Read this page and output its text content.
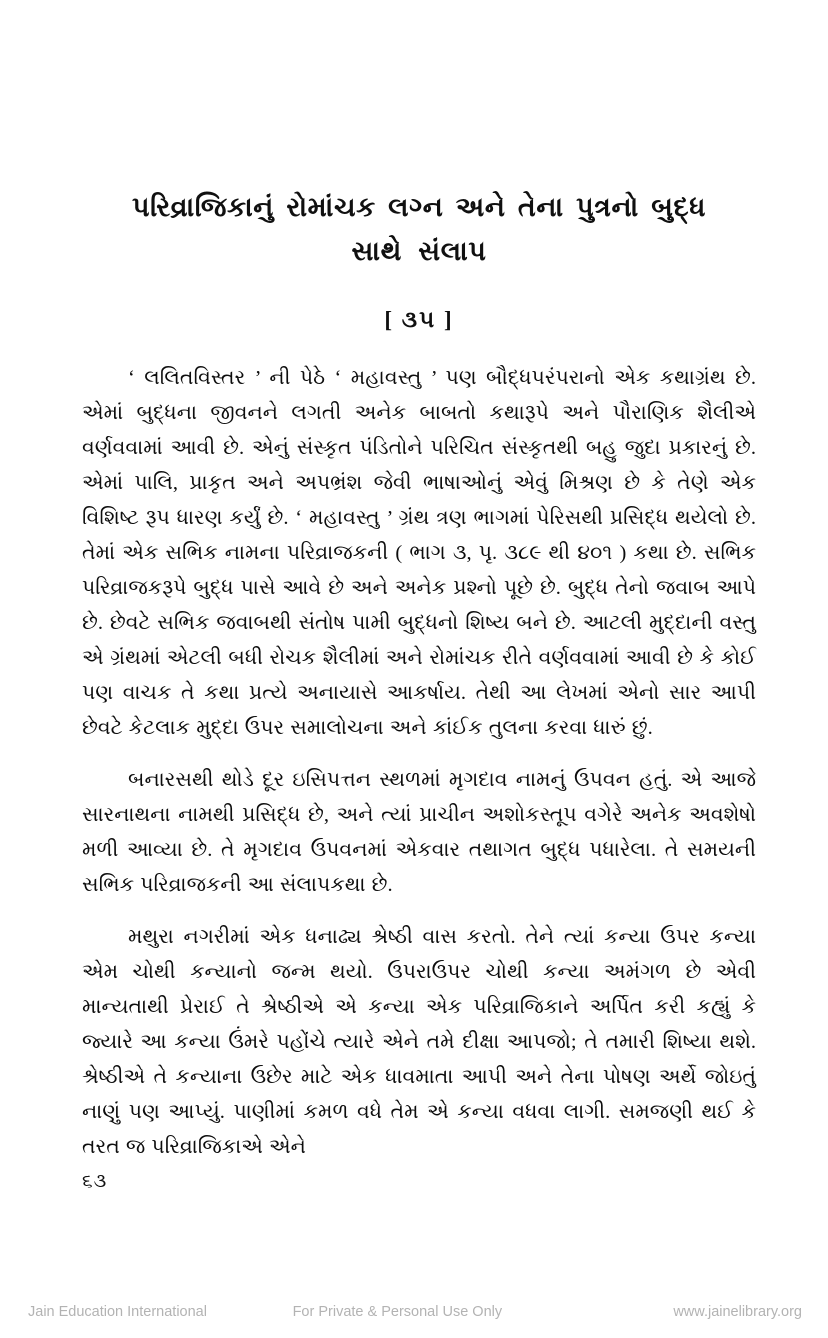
પરિવ્રાજિકાનું રોમાંચક લગ્ન અને તેના પુત્રનો બુદ્ધ
સાથે સંલાપ
[ ૩૫ ]

‘ લલિતવિસ્તર ’ ની પેઠે ‘ મહાવસ્તુ ’ પણ બૌદ્ધપરંપરાનો એક કથાગ્રંથ છે. એમાં બુદ્ધના જીવનને લગતી અનેક બાબતો કથારૂપે અને પૌરાણિક શૈલીએ વર્ણવવામાં આવી છે. એનું સંસ્કૃત પંડિતોને પરિચિત સંસ્કૃતથી બહુ જુદા પ્રકારનું છે. એમાં પાલિ, પ્રાકૃત અને અપભ્રંશ જેવી ભાષાઓનું એવું મિશ્રણ છે કે તેણે એક વિશિષ્ટ રૂપ ધારણ કર્યું છે. ‘ મહાવસ્તુ ’ ગ્રંથ ત્રણ ભાગમાં પેરિસથી પ્રસિદ્ધ થયેલો છે. તેમાં એક સભિક નામના પરિવ્રાજકની ( ભાગ ૩, પૃ. ૩૮૯ થી ૪૦૧ ) કથા છે. સભિક પરિવ્રાજકરૂપે બુદ્ધ પાસે આવે છે અને અનેક પ્રશ્નો પૂછે છે. બુદ્ધ તેનો જવાબ આપે છે. છેવટે સભિક જવાબથી સંતોષ પામી બુદ્ધનો શિષ્ય બને છે. આટલી મુદ્દાની વસ્તુ એ ગ્રંથમાં એટલી બધી રોચક શૈલીમાં અને રોમાંચક રીતે વર્ણવવામાં આવી છે કે કોઈ પણ વાચક તે કથા પ્રત્યે અનાયાસે આકર્ષાય. તેથી આ લેખમાં એનો સાર આપી છેવટે કેટલાક મુદ્દા ઉપર સમાલોચના અને કાંઈક તુલના કરવા ધારું છું.

બનારસથી થોડે દૂર ઇસિપત્તન સ્થળમાં મૃગદાવ નામનું ઉપવન હતું. એ આજે સારનાથના નામથી પ્રસિદ્ધ છે, અને ત્યાં પ્રાચીન અશોકસ્તૂપ વગેરે અનેક અવશેષો મળી આવ્યા છે. તે મૃગદાવ ઉપવનમાં એકવાર તથાગત બુદ્ધ પધારેલા. તે સમયની સભિક પરિવ્રાજકની આ સંલાપકથા છે.

મથુરા નગરીમાં એક ધનાઢ્ય શ્રેષ્ઠી વાસ કરતો. તેને ત્યાં કન્યા ઉપર કન્યા એમ ચોથી કન્યાનો જન્મ થયો. ઉપરાઉપર ચોથી કન્યા અમંગળ છે એવી માન્યતાથી પ્રેરાઈ તે શ્રેષ્ઠીએ એ કન્યા એક પરિવ્રાજિકાને અર્પિત કરી કહ્યું કે જ્યારે આ કન્યા ઉંમરે પહોંચે ત્યારે એને તમે દીક્ષા આપજો; તે તમારી શિષ્યા થશે. શ્રેષ્ઠીએ તે કન્યાના ઉછેર માટે એક ધાવમાતા આપી અને તેના પોષણ અર્થે જોઇતું નાણું પણ આપ્યું. પાણીમાં કમળ વધે તેમ એ કન્યા વધવા લાગી. સમજણી થઈ કે તરત જ પરિવ્રાજિકાએ એને

૬૩
Jain Education International	For Private & Personal Use Only	www.jainelibrary.org
